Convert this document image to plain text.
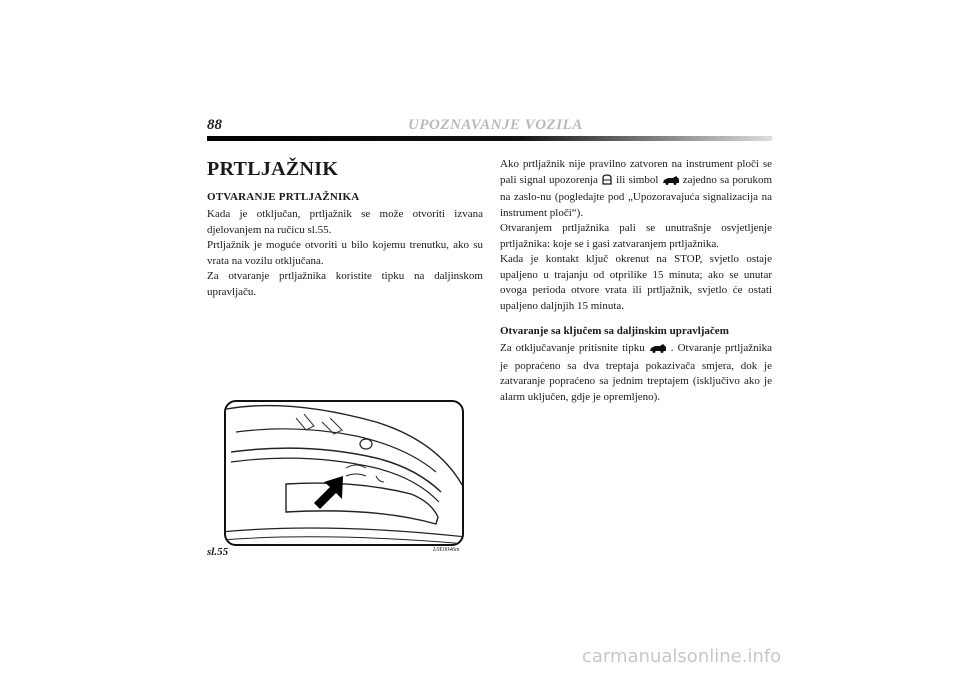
88	UPOZNAVANJE VOZILA
PRTLJAŽNIK
OTVARANJE PRTLJAŽNIKA

Kada je otključan, prtljažnik se može otvoriti izvana djelovanjem na ručicu sl.55.

Prtljažnik je moguće otvoriti u bilo kojemu trenutku, ako su vrata na vozilu otključana.

Za otvaranje prtljažnika koristite tipku na daljinskom upravljaču.

Ako prtljažnik nije pravilno zatvoren na instrument ploči se pali signal upozorenja ili simbol zajedno sa porukom na zaslo-nu (pogledajte pod „Upozoravajuća signalizacija na instrument ploči“).

Otvaranjem prtljažnika pali se unutrašnje osvjetljenje prtljažnika: koje se i gasi zatvaranjem prtljažnika.

Kada je kontakt ključ okrenut na STOP, svjetlo ostaje upaljeno u trajanju od otprilike 15 minuta; ako se unutar ovoga perioda otvore vrata ili prtljažnik, svjetlo će ostati upaljeno daljnjih 15 minuta.

Otvaranje sa ključem sa daljinskim upravljačem

Za otključavanje pritisnite tipku . Otvaranje prtljažnika je popraćeno sa dva treptaja pokazivača smjera, dok je zatvaranje popraćeno sa jednim treptajem (isključivo ako je alarm uključen, gdje je opremljeno).

sl.55	L0E0046m
carmanualsonline.info
